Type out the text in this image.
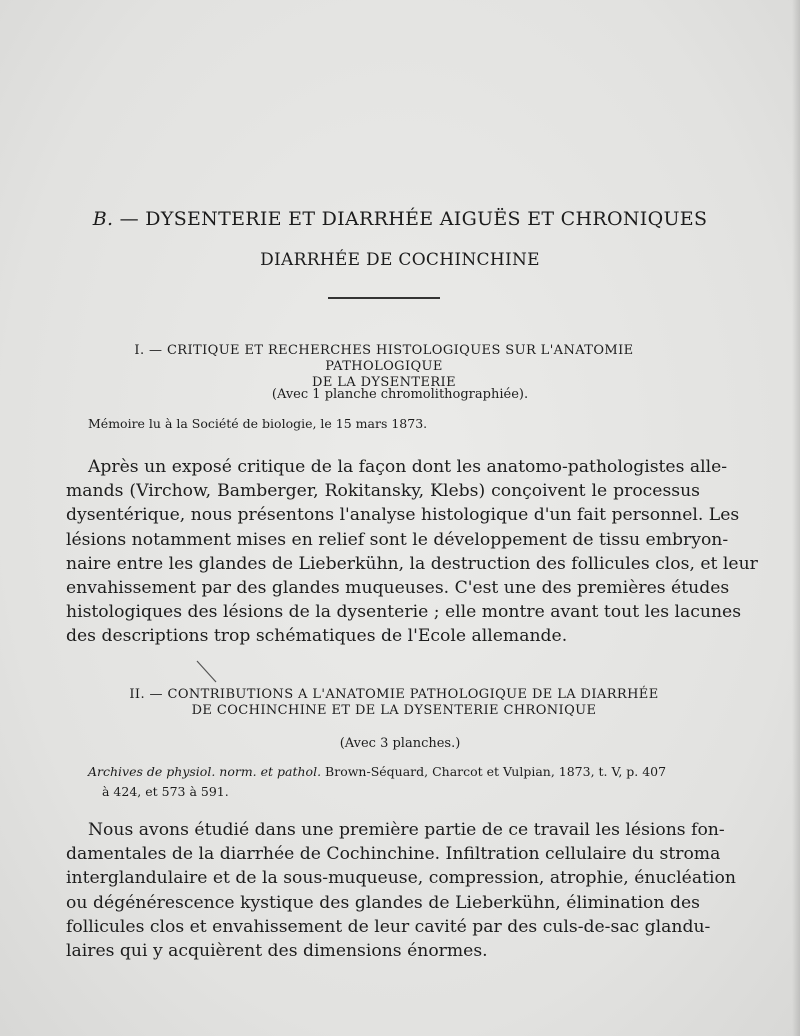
B. — DYSENTERIE ET DIARRHÉE AIGUËS ET CHRONIQUES
DIARRHÉE DE COCHINCHINE
I. — CRITIQUE ET RECHERCHES HISTOLOGIQUES SUR L'ANATOMIE PATHOLOGIQUE
DE LA DYSENTERIE
(Avec 1 planche chromolithographiée).
Mémoire lu à la Société de biologie, le 15 mars 1873.
Après un exposé critique de la façon dont les anatomo-pathologistes alle-
mands (Virchow, Bamberger, Rokitansky, Klebs) conçoivent le processus
dysentérique, nous présentons l'analyse histologique d'un fait personnel. Les
lésions notamment mises en relief sont le développement de tissu embryon-
naire entre les glandes de Lieberkühn, la destruction des follicules clos, et leur
envahissement par des glandes muqueuses. C'est une des premières études
histologiques des lésions de la dysenterie ; elle montre avant tout les lacunes
des descriptions trop schématiques de l'Ecole allemande.
II. — CONTRIBUTIONS A L'ANATOMIE PATHOLOGIQUE DE LA DIARRHÉE
DE COCHINCHINE ET DE LA DYSENTERIE CHRONIQUE
(Avec 3 planches.)
Archives de physiol. norm. et pathol. Brown-Séquard, Charcot et Vulpian, 1873, t. V, p. 407
à 424, et 573 à 591.
Nous avons étudié dans une première partie de ce travail les lésions fon-
damentales de la diarrhée de Cochinchine. Infiltration cellulaire du stroma
interglandulaire et de la sous-muqueuse, compression, atrophie, énucléation
ou dégénérescence kystique des glandes de Lieberkühn, élimination des
follicules clos et envahissement de leur cavité par des culs-de-sac glandu-
laires qui y acquièrent des dimensions énormes.
